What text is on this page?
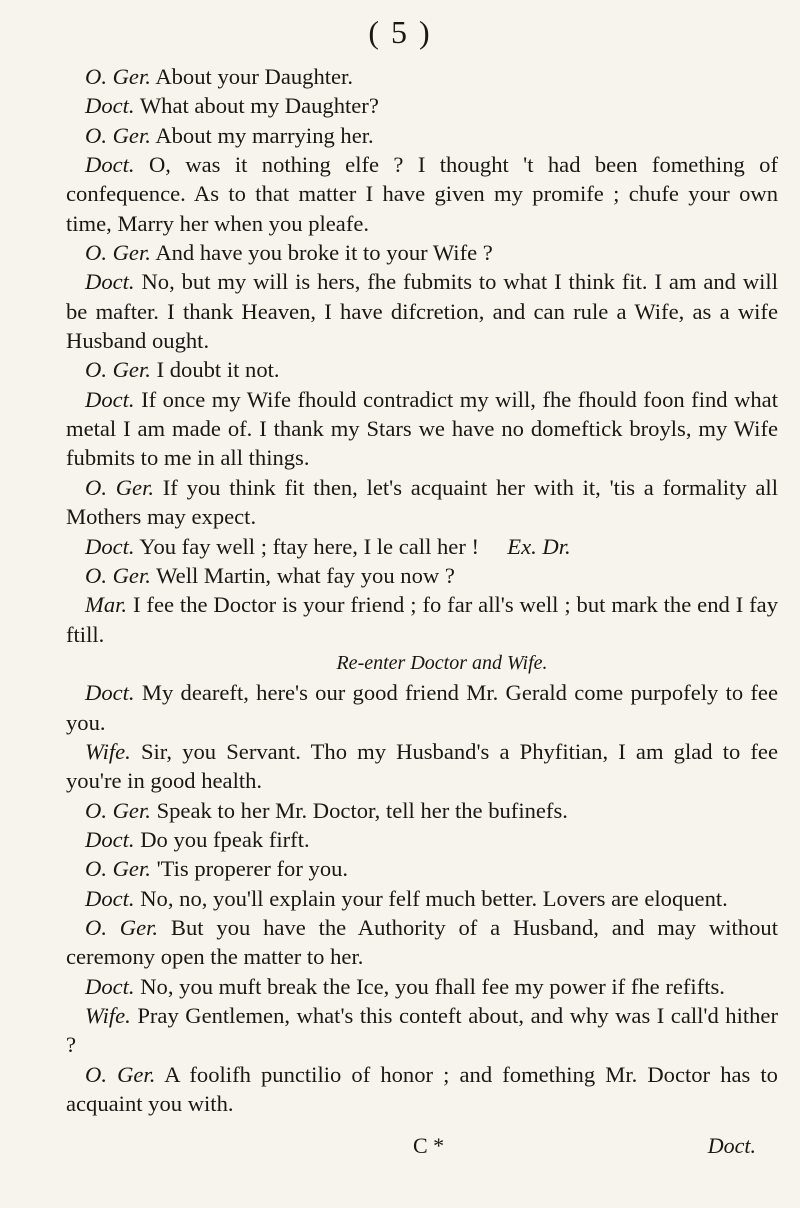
( 5 )

O. Ger. About your Daughter.

Doct. What about my Daughter?

O. Ger. About my marrying her.

Doct. O, was it nothing elfe ? I thought 't had been fomething of confequence. As to that matter I have given my promife ; chufe your own time, Marry her when you pleafe.

O. Ger. And have you broke it to your Wife ?

Doct. No, but my will is hers, fhe fubmits to what I think fit. I am and will be mafter. I thank Heaven, I have difcretion, and can rule a Wife, as a wife Husband ought.

O. Ger. I doubt it not.

Doct. If once my Wife fhould contradict my will, fhe fhould foon find what metal I am made of. I thank my Stars we have no domeftick broyls, my Wife fubmits to me in all things.

O. Ger. If you think fit then, let's acquaint her with it, 'tis a formality all Mothers may expect.

Doct. You fay well ; ftay here, I le call her ! Ex. Dr.

O. Ger. Well Martin, what fay you now ?

Mar. I fee the Doctor is your friend ; fo far all's well ; but mark the end I fay ftill.

Re-enter Doctor and Wife.

Doct. My deareft, here's our good friend Mr. Gerald come purpofely to fee you.

Wife. Sir, you Servant. Tho my Husband's a Phyfitian, I am glad to fee you're in good health.

O. Ger. Speak to her Mr. Doctor, tell her the bufinefs.

Doct. Do you fpeak firft.

O. Ger. 'Tis properer for you.

Doct. No, no, you'll explain your felf much better. Lovers are eloquent.

O. Ger. But you have the Authority of a Husband, and may without ceremony open the matter to her.

Doct. No, you muft break the Ice, you fhall fee my power if fhe refifts.

Wife. Pray Gentlemen, what's this conteft about, and why was I call'd hither ?

O. Ger. A foolifh punctilio of honor ; and fomething Mr. Doctor has to acquaint you with.

C *	Doct.
